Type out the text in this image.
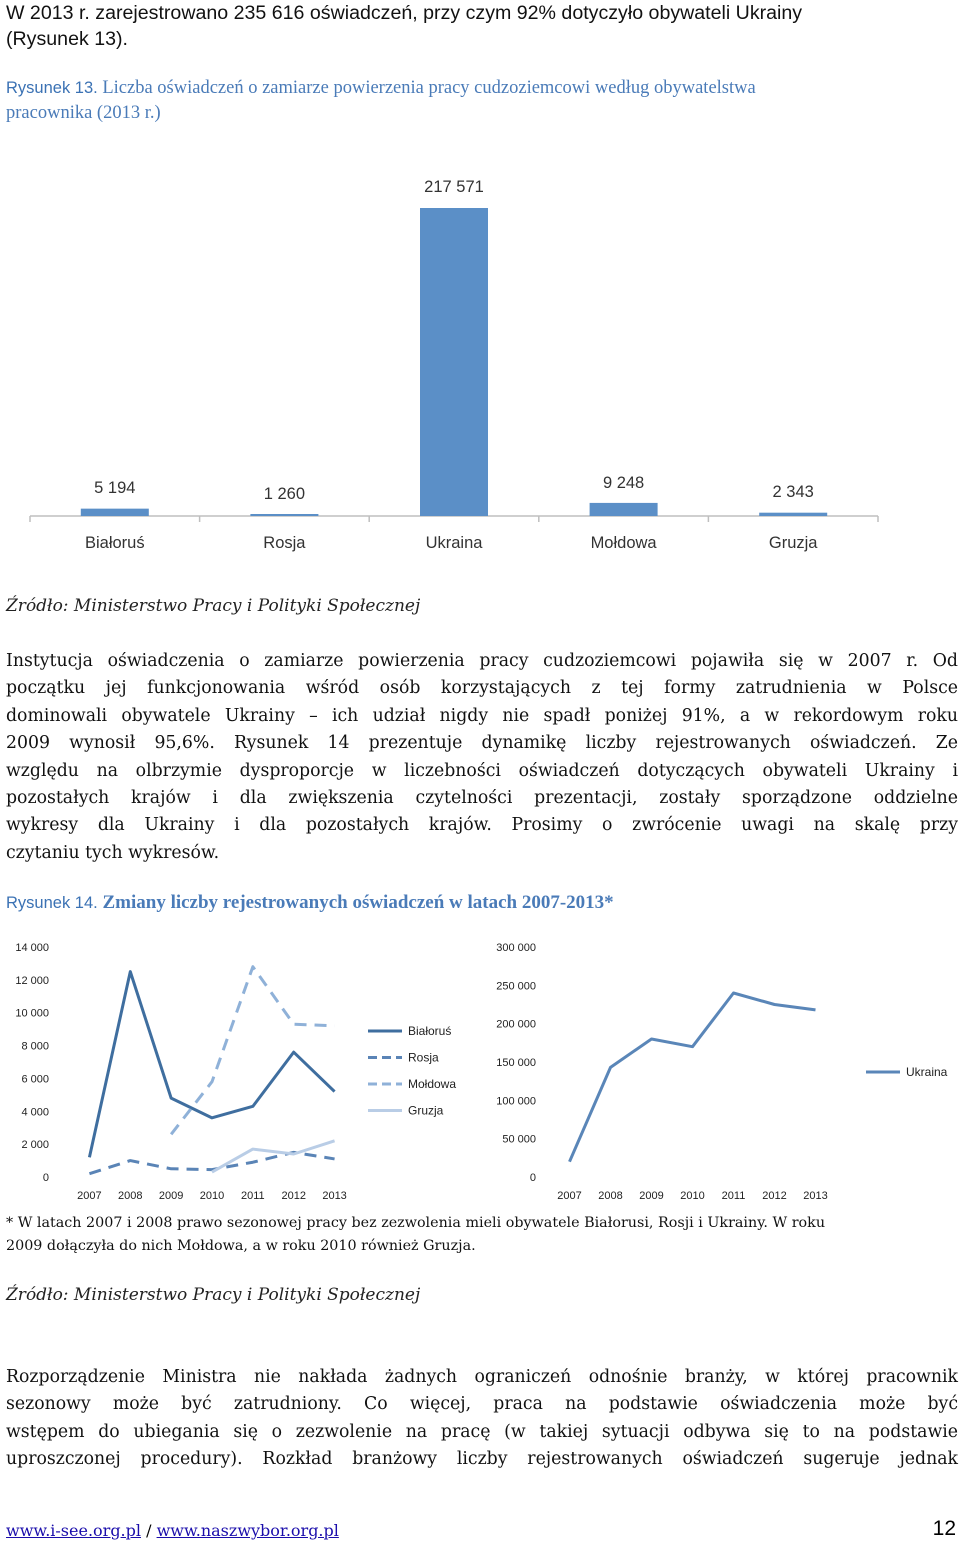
W 2013 r. zarejestrowano 235 616 oświadczeń, przy czym 92% dotyczyło obywateli Ukrainy
(Rysunek 13).
Rysunek 13. Liczba oświadczeń o zamiarze powierzenia pracy cudzoziemcowi według obywatelstwa
pracownika (2013 r.)
5 194
Białoruś
1 260
Rosja
217 571
Ukraina
9 248
Mołdowa
2 343
Gruzja
Źródło: Ministerstwo Pracy i Polityki Społecznej
Instytucja oświadczenia o zamiarze powierzenia pracy cudzoziemcowi pojawiła się w 2007 r. Od
początku jej funkcjonowania wśród osób korzystających z tej formy zatrudnienia w Polsce
dominowali obywatele Ukrainy – ich udział nigdy nie spadł poniżej 91%, a w rekordowym roku
2009 wynosił 95,6%. Rysunek 14 prezentuje dynamikę liczby rejestrowanych oświadczeń. Ze
względu na olbrzymie dysproporcje w liczebności oświadczeń dotyczących obywateli Ukrainy i
pozostałych krajów i dla zwiększenia czytelności prezentacji, zostały sporządzone oddzielne
wykresy dla Ukrainy i dla pozostałych krajów. Prosimy o zwrócenie uwagi na skalę przy
czytaniu tych wykresów.
Rysunek 14. Zmiany liczby rejestrowanych oświadczeń w latach 2007-2013*
0
2 000
4 000
6 000
8 000
10 000
12 000
14 000
2007 2008 2009 2010 2011 2012 2013
Białoruś
Rosja
Mołdowa
Gruzja
0
50 000
100 000
150 000
200 000
250 000
300 000
2007 2008 2009 2010 2011 2012 2013
Ukraina
* W latach 2007 i 2008 prawo sezonowej pracy bez zezwolenia mieli obywatele Białorusi, Rosji i Ukrainy. W roku
2009 dołączyła do nich Mołdowa, a w roku 2010 również Gruzja.
Źródło: Ministerstwo Pracy i Polityki Społecznej
Rozporządzenie Ministra nie nakłada żadnych ograniczeń odnośnie branży, w której pracownik
sezonowy może być zatrudniony. Co więcej, praca na podstawie oświadczenia może być
wstępem do ubiegania się o zezwolenie na pracę (w takiej sytuacji odbywa się to na podstawie
uproszczonej procedury). Rozkład branżowy liczby rejestrowanych oświadczeń sugeruje jednak
www.i-see.org.pl / www.naszwybor.org.pl	12
